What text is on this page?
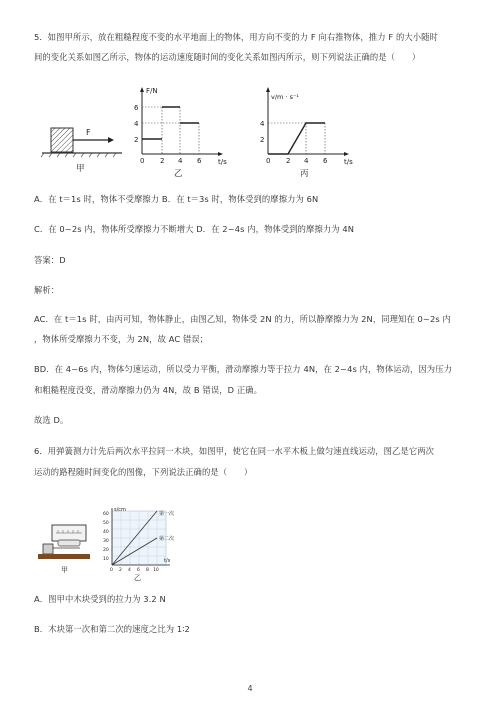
5．如图甲所示，放在粗糙程度不变的水平地面上的物体，用方向不变的力 F 向右推物体，推力 F 的大小随时
间的变化关系如图乙所示，物体的运动速度随时间的变化关系如图丙所示，则下列说法正确的是（　　）
F
甲
F/N
t/s
2
4
6
0 2 4 6
乙
v/m · s⁻¹
t/s
2
4
0 2 4 6
丙
A．在 t＝1s 时，物体不受摩擦力 B．在 t＝3s 时，物体受到的摩擦力为 6N
C．在 0~2s 内，物体所受摩擦力不断增大 D．在 2~4s 内，物体受到的摩擦力为 4N
答案：D
解析：
AC．在 t＝1s 时，由丙可知，物体静止，由图乙知，物体受 2N 的力，所以静摩擦力为 2N，同理知在 0~2s 内
，物体所受摩擦力不变，为 2N，故 AC 错误；
BD．在 4~6s 内，物体匀速运动，所以受力平衡，滑动摩擦力等于拉力 4N，在 2~4s 内，物体运动，因为压力
和粗糙程度没变，滑动摩擦力仍为 4N，故 B 错误，D 正确。
故选 D。
6．用弹簧测力计先后两次水平拉同一木块，如图甲，使它在同一水平木板上做匀速直线运动，图乙是它两次
运动的路程随时间变化的图像，下列说法正确的是（　　）
甲
s/cm
t/s
60
50
40
30
20
10
0 2 4 6 8 10
第一次
第二次
乙
A．图甲中木块受到的拉力为 3.2 N
B．木块第一次和第二次的速度之比为 1∶2
4
